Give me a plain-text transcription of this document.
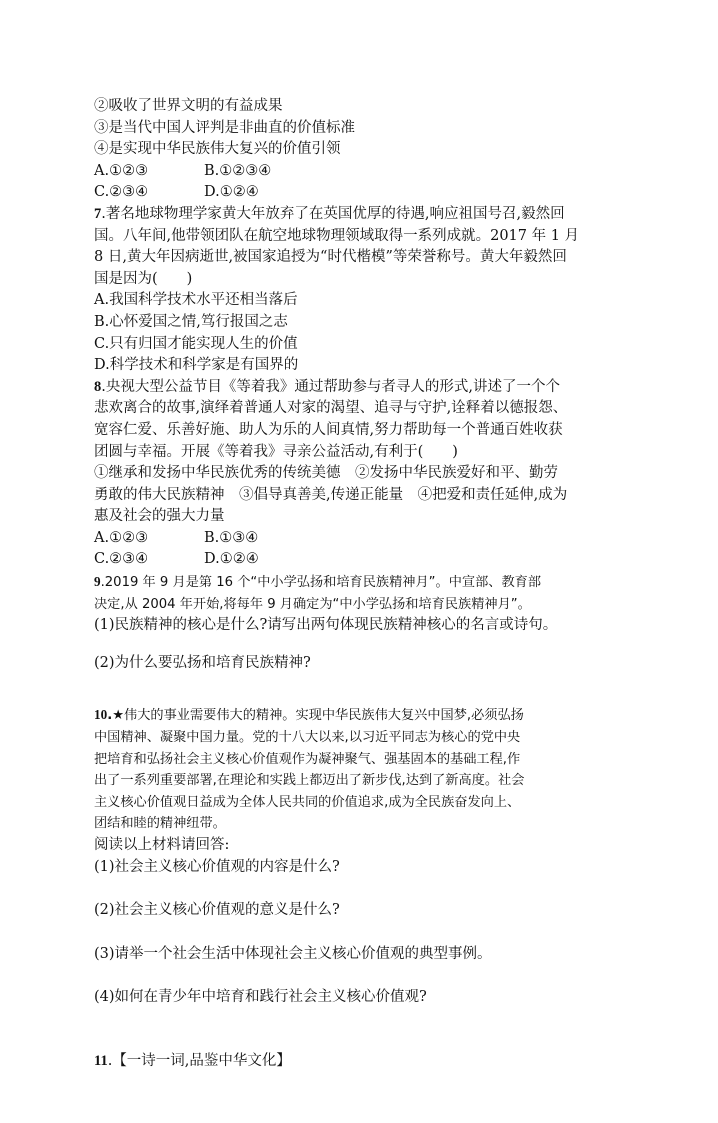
②吸收了世界文明的有益成果
③是当代中国人评判是非曲直的价值标准
④是实现中华民族伟大复兴的价值引领
A.①②③	B.①②③④
C.②③④	D.①②④
7.著名地球物理学家黄大年放弃了在英国优厚的待遇,响应祖国号召,毅然回
国。八年间,他带领团队在航空地球物理领域取得一系列成就。2017 年 1 月
8 日,黄大年因病逝世,被国家追授为“时代楷模”等荣誉称号。黄大年毅然回
国是因为(　　)
A.我国科学技术水平还相当落后
B.心怀爱国之情,笃行报国之志
C.只有归国才能实现人生的价值
D.科学技术和科学家是有国界的
8.央视大型公益节目《等着我》通过帮助参与者寻人的形式,讲述了一个个
悲欢离合的故事,演绎着普通人对家的渴望、追寻与守护,诠释着以德报怨、
宽容仁爱、乐善好施、助人为乐的人间真情,努力帮助每一个普通百姓收获
团圆与幸福。开展《等着我》寻亲公益活动,有利于(　　)
①继承和发扬中华民族优秀的传统美德　②发扬中华民族爱好和平、勤劳
勇敢的伟大民族精神　③倡导真善美,传递正能量　④把爱和责任延伸,成为
惠及社会的强大力量
A.①②③	B.①③④
C.②③④	D.①②④
9.2019 年 9 月是第 16 个“中小学弘扬和培育民族精神月”。中宣部、教育部
决定,从 2004 年开始,将每年 9 月确定为“中小学弘扬和培育民族精神月”。
(1)民族精神的核心是什么?请写出两句体现民族精神核心的名言或诗句。
(2)为什么要弘扬和培育民族精神?
10.★伟大的事业需要伟大的精神。实现中华民族伟大复兴中国梦,必须弘扬
中国精神、凝聚中国力量。党的十八大以来,以习近平同志为核心的党中央
把培育和弘扬社会主义核心价值观作为凝神聚气、强基固本的基础工程,作
出了一系列重要部署,在理论和实践上都迈出了新步伐,达到了新高度。社会
主义核心价值观日益成为全体人民共同的价值追求,成为全民族奋发向上、
团结和睦的精神纽带。
阅读以上材料请回答:
(1)社会主义核心价值观的内容是什么?
(2)社会主义核心价值观的意义是什么?
(3)请举一个社会生活中体现社会主义核心价值观的典型事例。
(4)如何在青少年中培育和践行社会主义核心价值观?
11.【一诗一词,品鉴中华文化】
